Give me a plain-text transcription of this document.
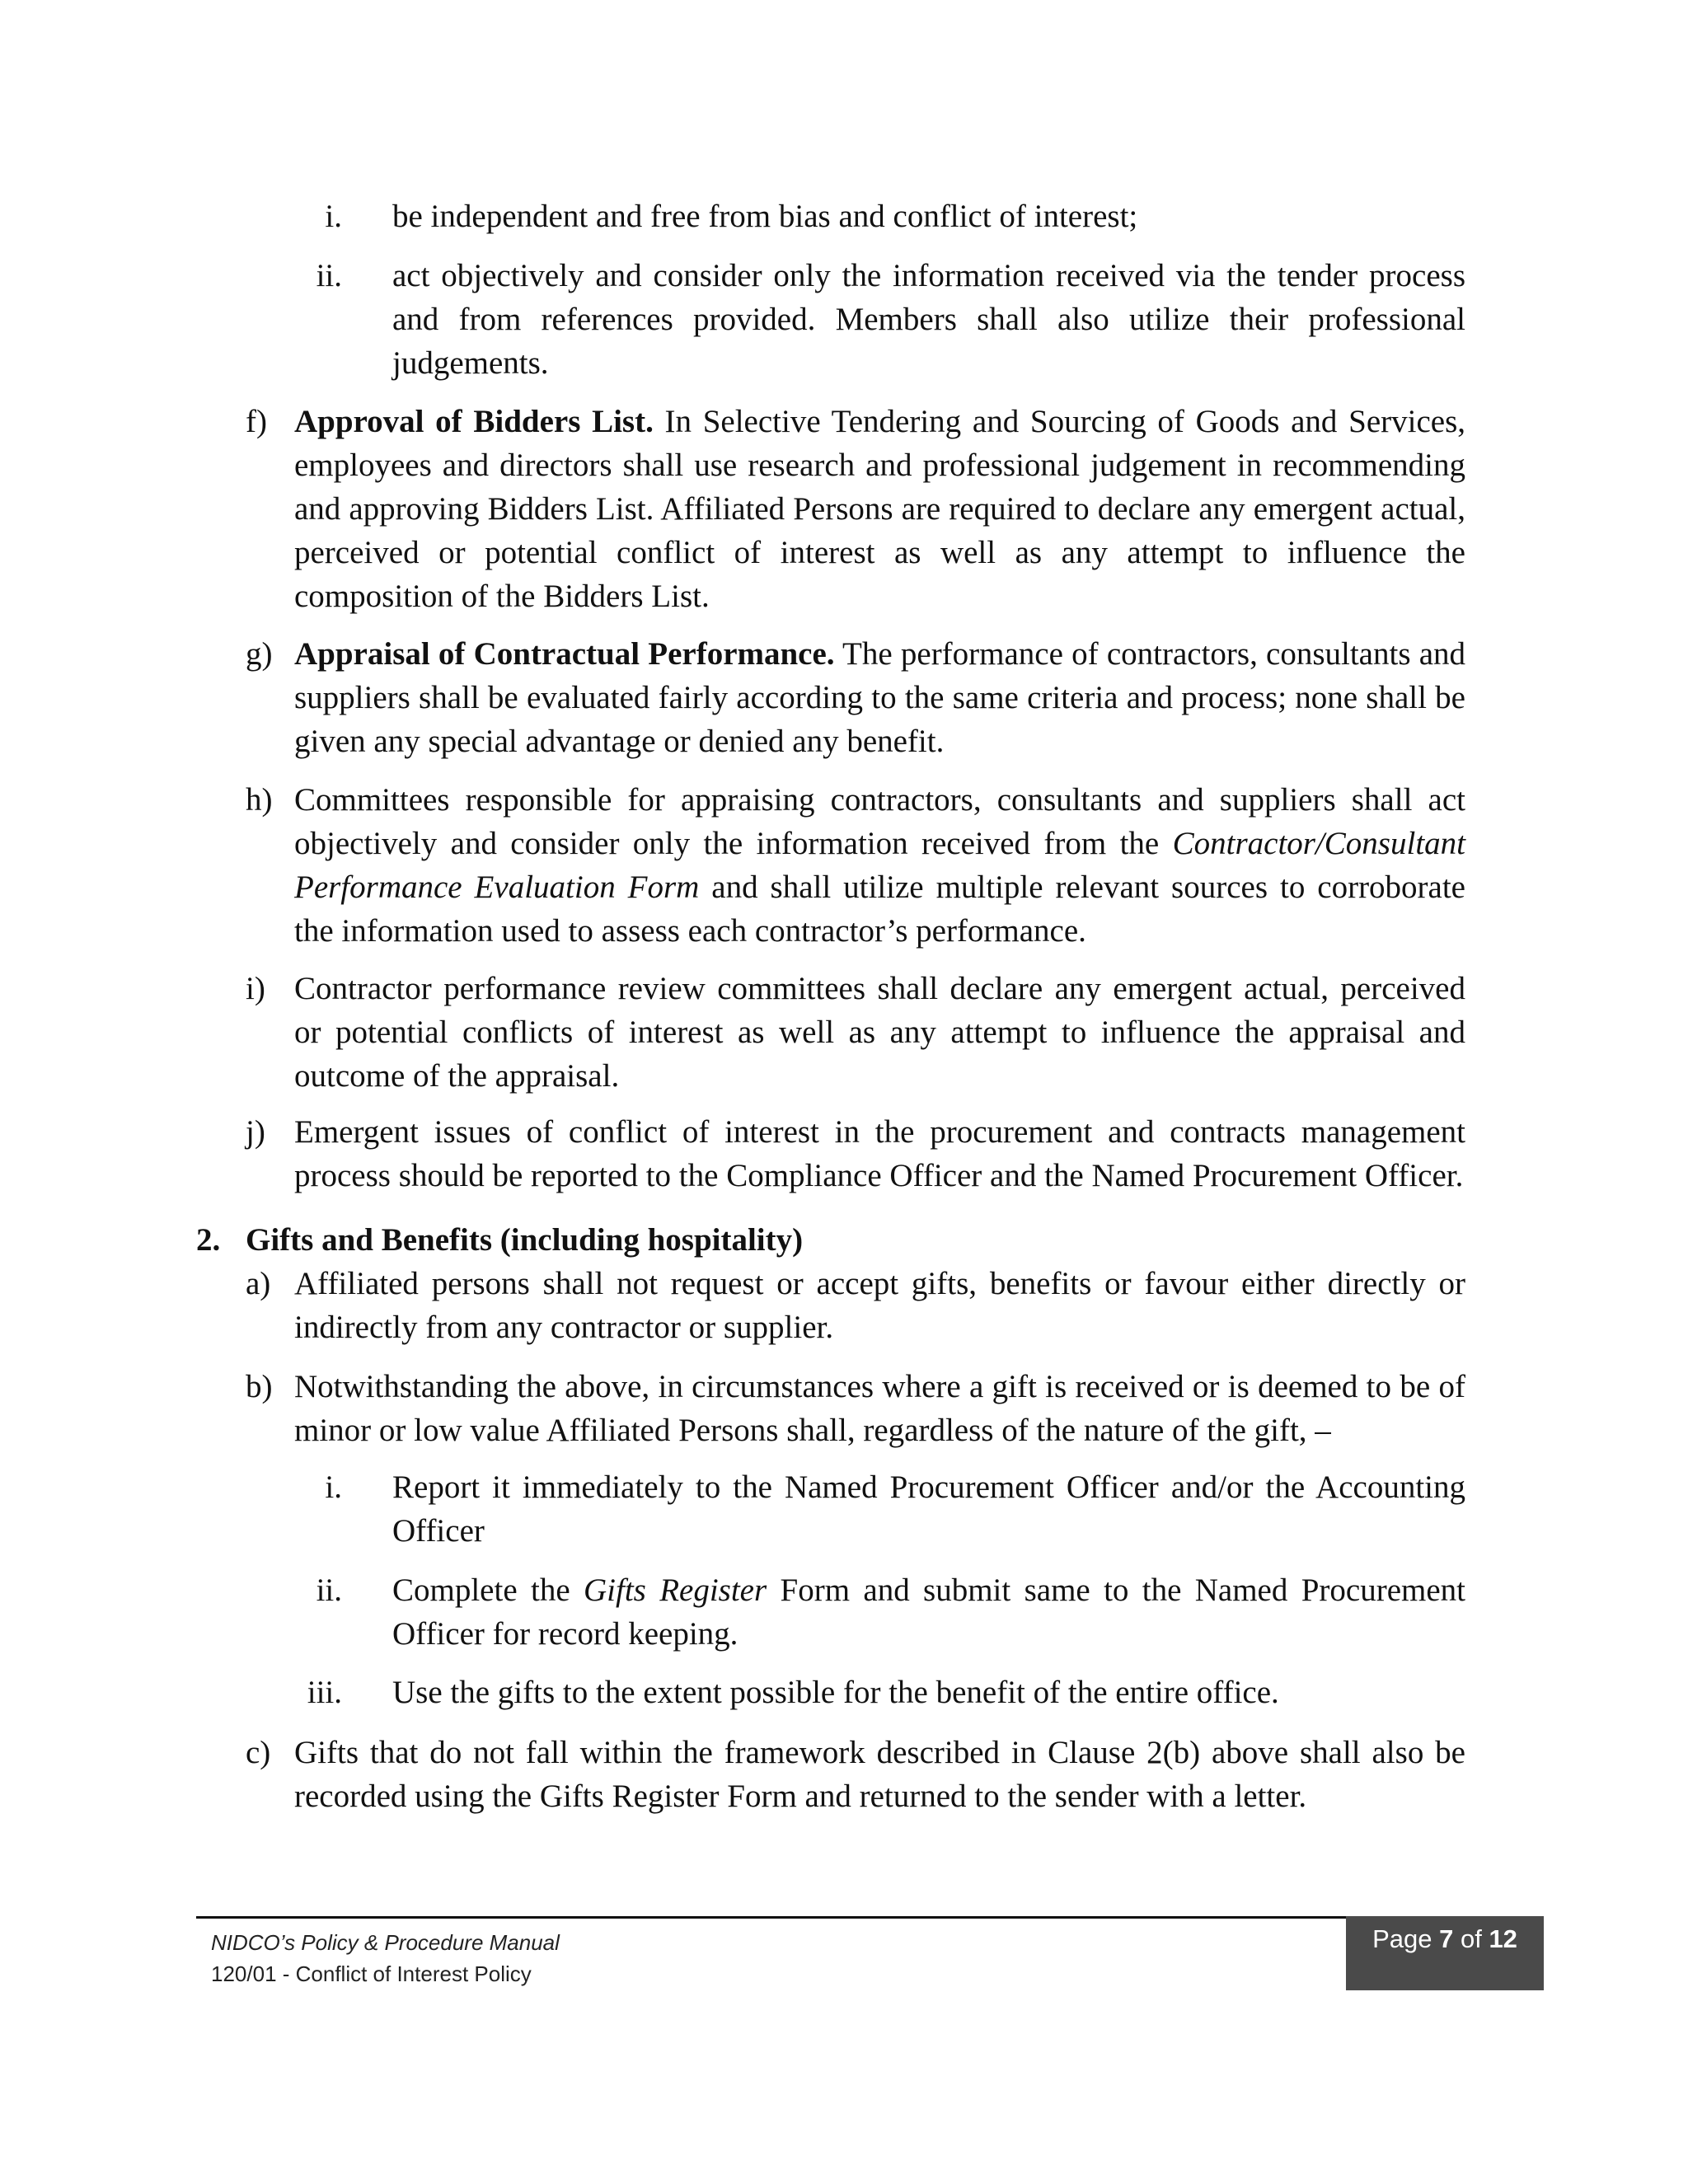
i. be independent and free from bias and conflict of interest;

ii. act objectively and consider only the information received via the tender process and from references provided. Members shall also utilize their professional judgements.

f) Approval of Bidders List. In Selective Tendering and Sourcing of Goods and Services, employees and directors shall use research and professional judgement in recommending and approving Bidders List. Affiliated Persons are required to declare any emergent actual, perceived or potential conflict of interest as well as any attempt to influence the composition of the Bidders List.

g) Appraisal of Contractual Performance. The performance of contractors, consultants and suppliers shall be evaluated fairly according to the same criteria and process; none shall be given any special advantage or denied any benefit.

h) Committees responsible for appraising contractors, consultants and suppliers shall act objectively and consider only the information received from the Contractor/Consultant Performance Evaluation Form and shall utilize multiple relevant sources to corroborate the information used to assess each contractor’s performance.

i) Contractor performance review committees shall declare any emergent actual, perceived or potential conflicts of interest as well as any attempt to influence the appraisal and outcome of the appraisal.

j) Emergent issues of conflict of interest in the procurement and contracts management process should be reported to the Compliance Officer and the Named Procurement Officer.

2. Gifts and Benefits (including hospitality)
a) Affiliated persons shall not request or accept gifts, benefits or favour either directly or indirectly from any contractor or supplier.

b) Notwithstanding the above, in circumstances where a gift is received or is deemed to be of minor or low value Affiliated Persons shall, regardless of the nature of the gift, –

i. Report it immediately to the Named Procurement Officer and/or the Accounting Officer

ii. Complete the Gifts Register Form and submit same to the Named Procurement Officer for record keeping.

iii. Use the gifts to the extent possible for the benefit of the entire office.

c) Gifts that do not fall within the framework described in Clause 2(b) above shall also be recorded using the Gifts Register Form and returned to the sender with a letter.

NIDCO’s Policy & Procedure Manual
120/01 - Conflict of Interest Policy
Page 7 of 12
